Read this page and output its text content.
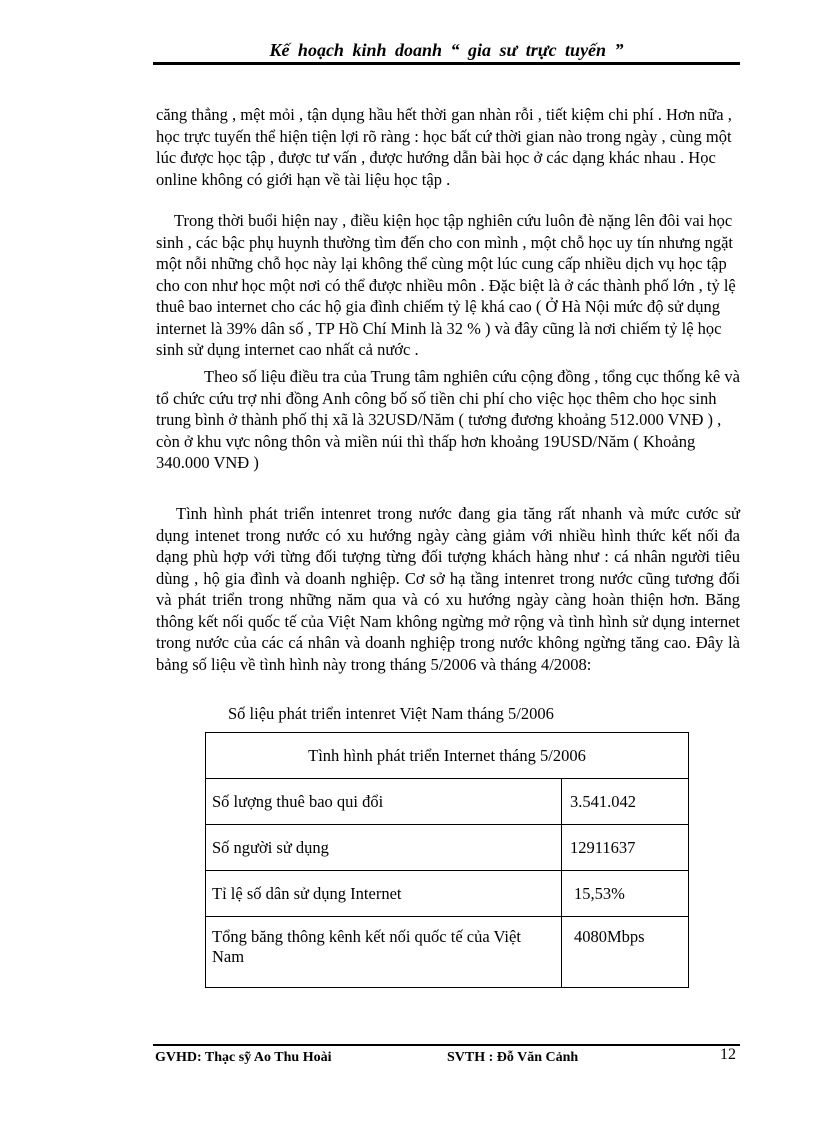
Kế hoạch kinh doanh “ gia sư trực tuyến ”

căng thẳng , mệt mỏi , tận dụng hầu hết thời gan nhàn rỗi , tiết kiệm chi phí . Hơn nữa , học trực tuyến thể hiện tiện lợi rõ ràng : học bất cứ thời gian nào trong ngày , cùng một lúc được học tập , được tư vấn , được hướng dẫn bài học ở các dạng khác nhau . Học online không có giới hạn về tài liệu học tập .

Trong thời buổi hiện nay , điều kiện học tập nghiên cứu luôn đè nặng lên đôi vai học sinh , các bậc phụ huynh thường tìm đến cho con mình , một chỗ học uy tín nhưng ngặt một nỗi những chỗ học này lại không thể cùng một lúc cung cấp nhiều dịch vụ học tập cho con như học một nơi có thể được nhiều môn . Đặc biệt là ở các thành phố lớn , tỷ lệ thuê bao internet cho các hộ gia đình chiếm tỷ lệ khá cao ( Ở Hà Nội mức độ sử dụng internet là 39% dân số , TP Hồ Chí Minh là 32 % ) và đây cũng là nơi chiếm tỷ lệ học sinh sử dụng internet cao nhất cả nước .

Theo số liệu điều tra của Trung tâm nghiên cứu cộng đồng , tổng cục thống kê và tổ chức cứu trợ nhi đồng Anh công bố số tiền chi phí cho việc học thêm cho học sinh trung bình ở thành phố thị xã là 32USD/Năm ( tương đương khoảng 512.000 VNĐ ) , còn ở khu vực nông thôn và miền núi thì thấp hơn khoảng 19USD/Năm ( Khoảng 340.000 VNĐ )

Tình hình phát triển intenret trong nước đang gia tăng rất nhanh và mức cước sử dụng intenet trong nước có xu hướng ngày càng giảm với nhiều hình thức kết nối đa dạng phù hợp với từng đối tượng từng đối tượng khách hàng như : cá nhân người tiêu dùng , hộ gia đình và doanh nghiệp. Cơ sở hạ tầng intenret trong nước cũng tương đối và phát triển trong những năm qua và có xu hướng ngày càng hoàn thiện hơn. Băng thông kết nối quốc tế của Việt Nam không ngừng mở rộng và tình hình sử dụng internet trong nước của các cá nhân và doanh nghiệp trong nước không ngừng tăng cao. Đây là bảng số liệu về tình hình này trong tháng 5/2006 và tháng 4/2008:

Số liệu phát triển intenret Việt Nam tháng 5/2006
Tình hình phát triển Internet tháng 5/2006	
Số lượng thuê bao qui đổi	3.541.042
Số người sử dụng	12911637
Tỉ lệ số dân sử dụng Internet	15,53%
Tổng băng thông kênh kết nối quốc tế của Việt Nam	4080Mbps
GVHD: Thạc sỹ Ao Thu Hoài	SVTH : Đỗ Văn Cảnh	12
